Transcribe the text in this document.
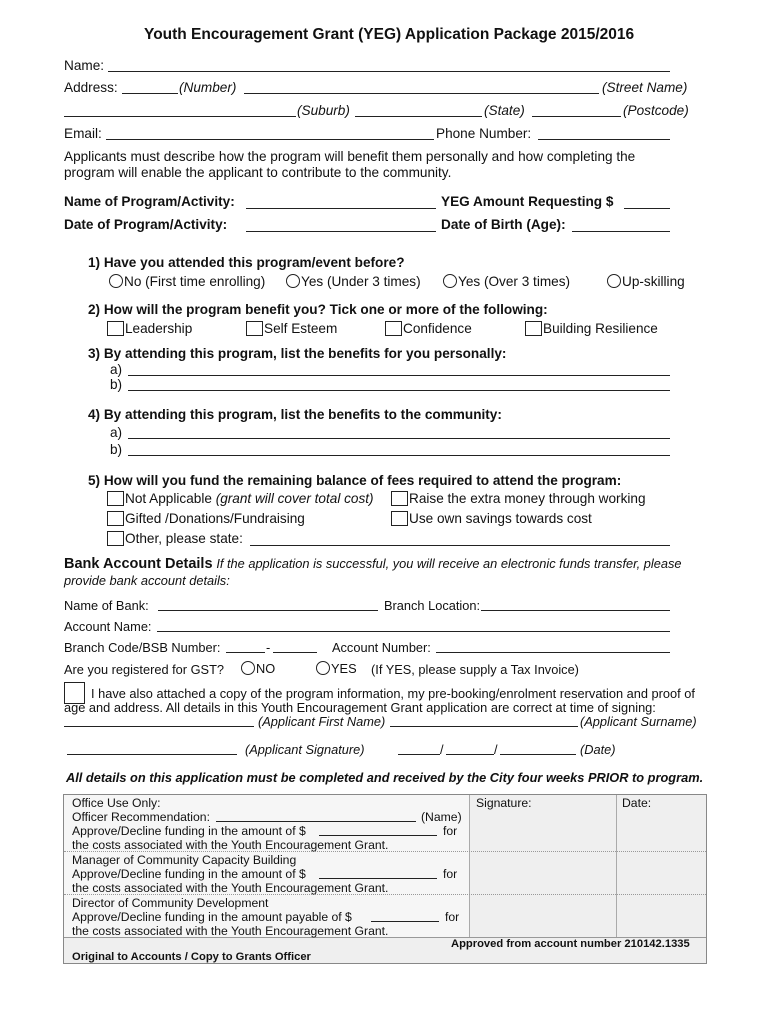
Youth Encouragement Grant (YEG) Application Package 2015/2016
Name:
Address:	(Number)	(Street Name)
(Suburb)	(State)	(Postcode)
Email:	Phone Number:
Applicants must describe how the program will benefit them personally and how completing the
program will enable the applicant to contribute to the community.
Name of Program/Activity:	YEG Amount Requesting $
Date of Program/Activity:	Date of Birth (Age):
1) Have you attended this program/event before?
No (First time enrolling)	Yes (Under 3 times)	Yes (Over 3 times)	Up-skilling
2) How will the program benefit you? Tick one or more of the following:
Leadership	Self Esteem	Confidence	Building Resilience
3) By attending this program, list the benefits for you personally:
a)
b)
4) By attending this program, list the benefits to the community:
a)
b)
5) How will you fund the remaining balance of fees required to attend the program:
Not Applicable (grant will cover total cost)	Raise the extra money through working
Gifted /Donations/Fundraising	Use own savings towards cost
Other, please state:
Bank Account Details If the application is successful, you will receive an electronic funds transfer, please
provide bank account details:
Name of Bank:	Branch Location:
Account Name:
Branch Code/BSB Number:	-	Account Number:
Are you registered for GST?	NO	YES (If YES, please supply a Tax Invoice)
I have also attached a copy of the program information, my pre-booking/enrolment reservation and proof of
age and address. All details in this Youth Encouragement Grant application are correct at time of signing:
(Applicant First Name)	(Applicant Surname)
(Applicant Signature)	/	/	(Date)
All details on this application must be completed and received by the City four weeks PRIOR to program.
Office Use Only:	Signature:	Date:
Officer Recommendation:	(Name)
Approve/Decline funding in the amount of $	for
the costs associated with the Youth Encouragement Grant.
Manager of Community Capacity Building
Approve/Decline funding in the amount of $	for
the costs associated with the Youth Encouragement Grant.
Director of Community Development
Approve/Decline funding in the amount payable of $	for
the costs associated with the Youth Encouragement Grant.
Approved from account number 210142.1335
Original to Accounts / Copy to Grants Officer
